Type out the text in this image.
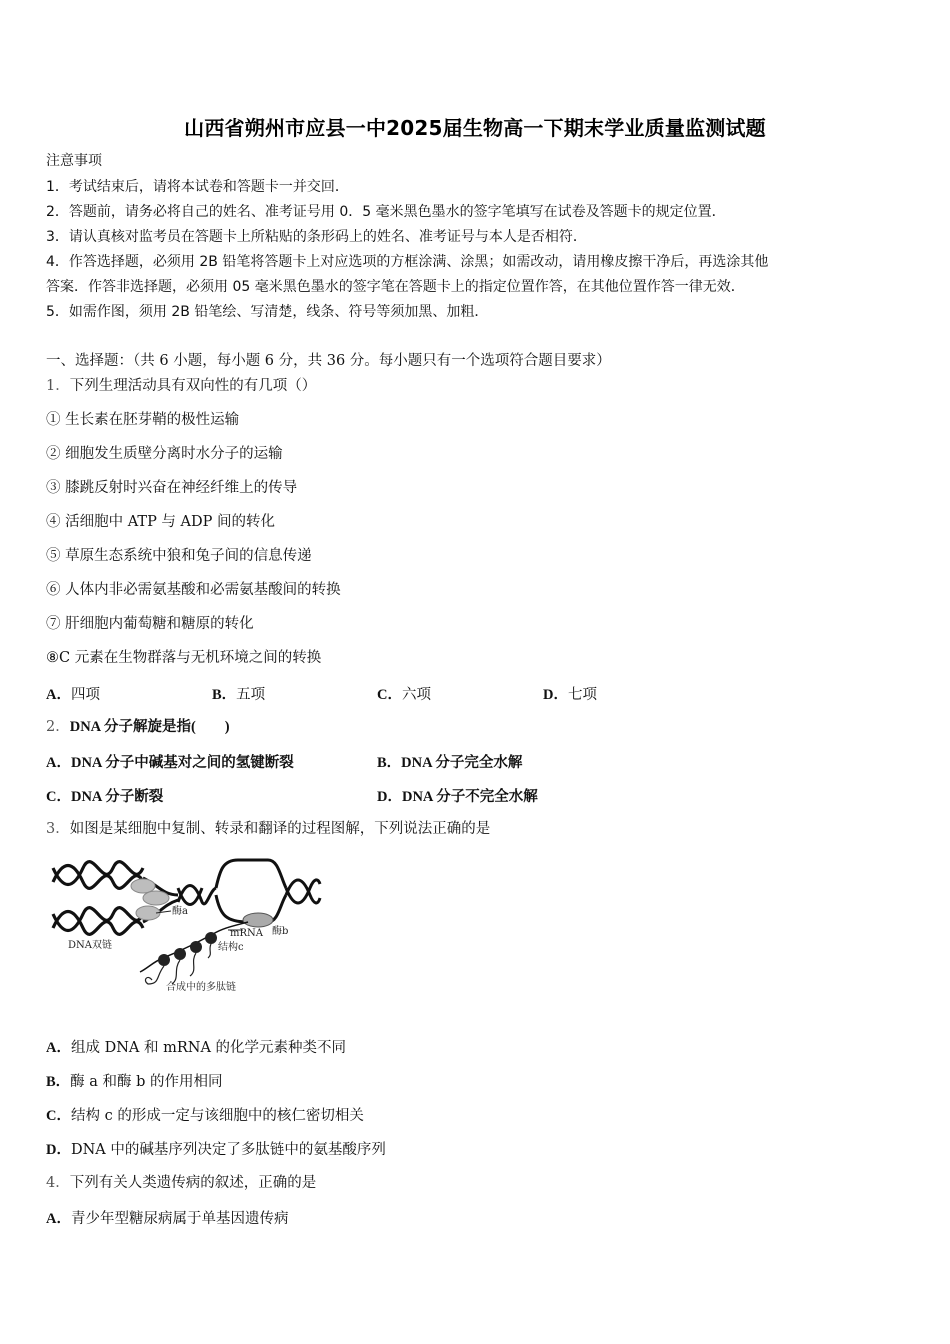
山西省朔州市应县一中2025届生物高一下期末学业质量监测试题
注意事项
1．考试结束后，请将本试卷和答题卡一并交回．
2．答题前，请务必将自己的姓名、准考证号用 0．5 毫米黑色墨水的签字笔填写在试卷及答题卡的规定位置．
3．请认真核对监考员在答题卡上所粘贴的条形码上的姓名、准考证号与本人是否相符．
4．作答选择题，必须用 2B 铅笔将答题卡上对应选项的方框涂满、涂黑；如需改动，请用橡皮擦干净后，再选涂其他
答案．作答非选择题，必须用 05 毫米黑色墨水的签字笔在答题卡上的指定位置作答，在其他位置作答一律无效．
5．如需作图，须用 2B 铅笔绘、写清楚，线条、符号等须加黑、加粗．
一、选择题：（共 6 小题，每小题 6 分，共 36 分。每小题只有一个选项符合题目要求）
1．下列生理活动具有双向性的有几项（）
① 生长素在胚芽鞘的极性运输
② 细胞发生质壁分离时水分子的运输
③ 膝跳反射时兴奋在神经纤维上的传导
④ 活细胞中 ATP 与 ADP 间的转化
⑤ 草原生态系统中狼和兔子间的信息传递
⑥ 人体内非必需氨基酸和必需氨基酸间的转换
⑦ 肝细胞内葡萄糖和糖原的转化
⑧C 元素在生物群落与无机环境之间的转换
A．四项	B．五项	C．六项	D．七项
2．DNA 分子解旋是指(　　)
A．DNA 分子中碱基对之间的氢键断裂	B．DNA 分子完全水解
C．DNA 分子断裂	D．DNA 分子不完全水解
3．如图是某细胞中复制、转录和翻译的过程图解，下列说法正确的是
酶a
DNA双链
mRNA 酶b
结构c
合成中的多肽链
A．组成 DNA 和 mRNA 的化学元素种类不同
B．酶 a 和酶 b 的作用相同
C．结构 c 的形成一定与该细胞中的核仁密切相关
D．DNA 中的碱基序列决定了多肽链中的氨基酸序列
4．下列有关人类遗传病的叙述，正确的是
A．青少年型糖尿病属于单基因遗传病
